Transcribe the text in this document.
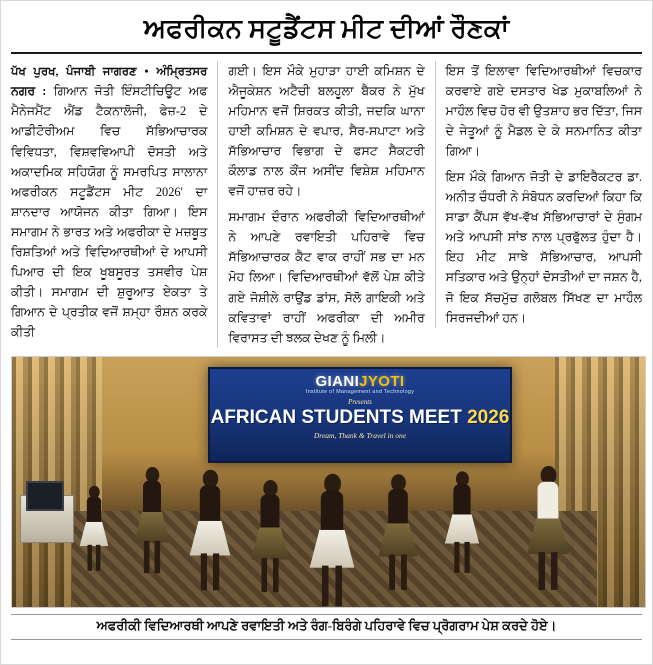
ਅਫਰੀਕਨ ਸਟੂਡੈਂਟਸ ਮੀਟ ਦੀਆਂ ਰੌਣਕਾਂ
ਪੱਖ ਪੁਰਖ, ਪੰਜਾਬੀ ਜਾਗਰਣ • ਅੰਮ੍ਰਿਤਸਰ ਨਗਰ : ਗਿਆਨ ਜੋਤੀ ਇੰਸਟੀਚਿਊਟ ਅਫ ਮੈਨੇਜਮੈਂਟ ਐਂਡ ਟੈਕਨਾਲੋਜੀ, ਫੇਜ਼-2 ਦੇ ਆਡੀਟੋਰੀਅਮ ਵਿਚ ਸੱਭਿਆਚਾਰਕ ਵਿਵਿਧਤਾ, ਵਿਸ਼ਵਵਿਆਪੀ ਦੋਸਤੀ ਅਤੇ ਅਕਾਦਮਿਕ ਸਹਿਯੋਗ ਨੂੰ ਸਮਰਪਿਤ ਸਾਲਾਨਾ ਅਫਰੀਕਨ ਸਟੂਡੈਂਟਸ ਮੀਟ 2026' ਦਾ ਸ਼ਾਨਦਾਰ ਆਯੋਜਨ ਕੀਤਾ ਗਿਆ। ਇਸ ਸਮਾਗਮ ਨੇ ਭਾਰਤ ਅਤੇ ਅਫਰੀਕਾ ਦੇ ਮਜ਼ਬੂਤ ਰਿਸ਼ਤਿਆਂ ਅਤੇ ਵਿਦਿਆਰਥੀਆਂ ਦੇ ਆਪਸੀ ਪਿਆਰ ਦੀ ਇਕ ਖੂਬਸੂਰਤ ਤਸਵੀਰ ਪੇਸ਼ ਕੀਤੀ। ਸਮਾਗਮ ਦੀ ਸ਼ੁਰੂਆਤ ਏਕਤਾ ਤੇ ਗਿਆਨ ਦੇ ਪ੍ਰਤੀਕ ਵਜੋਂ ਸ਼ਮ੍ਹਾ ਰੌਸ਼ਨ ਕਰਕੇ ਕੀਤੀ
ਗਈ। ਇਸ ਮੌਕੇ ਮੁਹਾੜਾ ਹਾਈ ਕਮਿਸ਼ਨ ਦੇ ਐਜੂਕੇਸ਼ਨ ਅਟੈਚੀ ਬਲਹੂਲਾ ਬੈਕਰ ਨੇ ਮੁੱਖ ਮਹਿਮਾਨ ਵਜੋਂ ਸ਼ਿਰਕਤ ਕੀਤੀ, ਜਦਕਿ ਘਾਨਾ ਹਾਈ ਕਮਿਸ਼ਨ ਦੇ ਵਪਾਰ, ਸੈਰ-ਸਪਾਟਾ ਅਤੇ ਸੱਭਿਆਚਾਰ ਵਿਭਾਗ ਦੇ ਫਸਟ ਸੈਕਟਰੀ ਕੌਲਾਡ ਨਾਲ ਕੌਂਜ ਅਸੀਂਦ ਵਿਸ਼ੇਸ਼ ਮਹਿਮਾਨ ਵਜੋਂ ਹਾਜ਼ਰ ਰਹੇ।
ਸਮਾਗਮ ਦੌਰਾਨ ਅਫਰੀਕੀ ਵਿਦਿਆਰਥੀਆਂ ਨੇ ਆਪਣੇ ਰਵਾਇਤੀ ਪਹਿਰਾਵੇ ਵਿਚ ਸੱਭਿਆਚਾਰਕ ਕੈਟ ਵਾਕ ਰਾਹੀਂ ਸਭ ਦਾ ਮਨ ਮੋਹ ਲਿਆ। ਵਿਦਿਆਰਥੀਆਂ ਵੱਲੋਂ ਪੇਸ਼ ਕੀਤੇ ਗਏ ਜੋਸ਼ੀਲੇ ਰਾਉਂਡ ਡਾਂਸ, ਸੋਲੋ ਗਾਇਕੀ ਅਤੇ ਕਵਿਤਾਵਾਂ ਰਾਹੀਂ ਅਫਰੀਕਾ ਦੀ ਅਮੀਰ ਵਿਰਾਸਤ ਦੀ ਝਲਕ ਦੇਖਣ ਨੂੰ ਮਿਲੀ।
ਇਸ ਤੋਂ ਇਲਾਵਾ ਵਿਦਿਆਰਥੀਆਂ ਵਿਚਕਾਰ ਕਰਵਾਏ ਗਏ ਦਸਤਾਰ ਖੇਡ ਮੁਕਾਬਲਿਆਂ ਨੇ ਮਾਹੌਲ ਵਿਚ ਹੋਰ ਵੀ ਉਤਸ਼ਾਹ ਭਰ ਦਿੱਤਾ, ਜਿਸ ਦੇ ਜੇਤੂਆਂ ਨੂੰ ਮੈਡਲ ਦੇ ਕੇ ਸਨਮਾਨਿਤ ਕੀਤਾ ਗਿਆ।
ਇਸ ਮੌਕੇ ਗਿਆਨ ਜੋਤੀ ਦੇ ਡਾਇਰੈਕਟਰ ਡਾ. ਅਨੀਤ ਚੌਧਰੀ ਨੇ ਸੰਬੋਧਨ ਕਰਦਿਆਂ ਕਿਹਾ ਕਿ ਸਾਡਾ ਕੈਂਪਸ ਵੱਖ-ਵੱਖ ਸੱਭਿਆਚਾਰਾਂ ਦੇ ਸੁੰਗਮ ਅਤੇ ਆਪਸੀ ਸਾਂਝ ਨਾਲ ਪ੍ਰਫੁੱਲਤ ਹੁੰਦਾ ਹੈ। ਇਹ ਮੀਟ ਸਾਝੇ ਸੱਭਿਆਚਾਰ, ਆਪਸੀ ਸਤਿਕਾਰ ਅਤੇ ਉਨ੍ਹਾਂ ਦੋਸਤੀਆਂ ਦਾ ਜਸ਼ਨ ਹੈ, ਜੋ ਇਕ ਸੱਚਮੁੱਚ ਗਲੋਬਲ ਸਿੱਖਣ ਦਾ ਮਾਹੌਲ ਸਿਰਜਦੀਆਂ ਹਨ।
GIANIJYOTI
Institute of Management and Technology
Presents
AFRICAN STUDENTS MEET 2026
Dream, Thank & Travel in one
ਅਫਰੀਕੀ ਵਿਦਿਆਰਥੀ ਆਪਣੇ ਰਵਾਇਤੀ ਅਤੇ ਰੰਗ-ਬਿਰੰਗੇ ਪਹਿਰਾਵੇ ਵਿਚ ਪ੍ਰੋਗਰਾਮ ਪੇਸ਼ ਕਰਦੇ ਹੋਏ।
